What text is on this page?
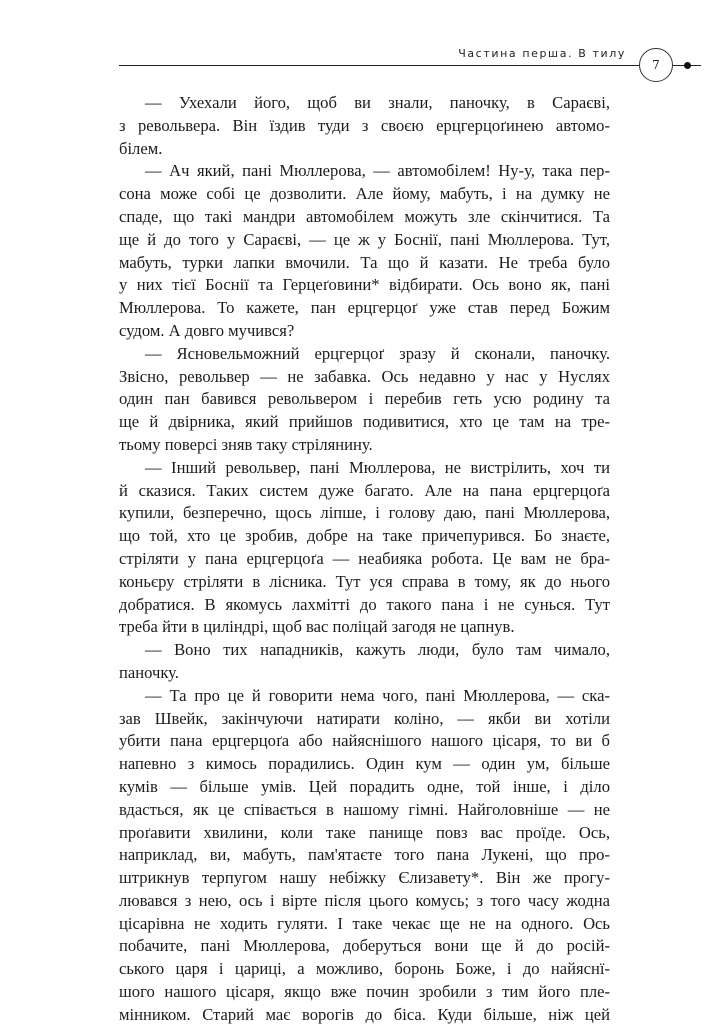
Частина перша. В тилу
7
— Ухехали його, щоб ви знали, паночку, в Сараєві,
з револьвера. Він їздив туди з своєю ерцгерцоґинею автомо-
білем.
— Ач який, пані Мюллерова, — автомобілем! Ну-у, така пер-
сона може собі це дозволити. Але йому, мабуть, і на думку не
спаде, що такі мандри автомобілем можуть зле скінчитися. Та
ще й до того у Сараєві, — це ж у Боснії, пані Мюллерова. Тут,
мабуть, турки лапки вмочили. Та що й казати. Не треба було
у них тієї Боснії та Герцеґовини* відбирати. Ось воно як, пані
Мюллерова. То кажете, пан ерцгерцоґ уже став перед Божим
судом. А довго мучився?
— Ясновельможний ерцгерцоґ зразу й сконали, паночку.
Звісно, револьвер — не забавка. Ось недавно у нас у Нуслях
один пан бавився револьвером і перебив геть усю родину та
ще й двірника, який прийшов подивитися, хто це там на тре-
тьому поверсі зняв таку стрілянину.
— Інший револьвер, пані Мюллерова, не вистрілить, хоч ти
й сказися. Таких систем дуже багато. Але на пана ерцгерцоґа
купили, безперечно, щось ліпше, і голову даю, пані Мюллерова,
що той, хто це зробив, добре на таке причепурився. Бо знаєте,
стріляти у пана ерцгерцоґа — неабияка робота. Це вам не бра-
коньєру стріляти в лісника. Тут уся справа в тому, як до нього
добратися. В якомусь лахмітті до такого пана і не сунься. Тут
треба йти в циліндрі, щоб вас поліцай загодя не цапнув.
— Воно тих нападників, кажуть люди, було там чимало,
паночку.
— Та про це й говорити нема чого, пані Мюллерова, — ска-
зав Швейк, закінчуючи натирати коліно, — якби ви хотіли
убити пана ерцгерцоґа або найяснішого нашого цісаря, то ви б
напевно з кимось порадились. Один кум — один ум, більше
кумів — більше умів. Цей порадить одне, той інше, і діло
вдасться, як це співається в нашому гімні. Найголовніше — не
проґавити хвилини, коли таке панище повз вас проїде. Ось,
наприклад, ви, мабуть, пам'ятаєте того пана Лукені, що про-
штрикнув терпугом нашу небіжку Єлизавету*. Він же прогу-
лювався з нею, ось і вірте після цього комусь; з того часу жодна
цісарівна не ходить гуляти. І таке чекає ще не на одного. Ось
побачите, пані Мюллерова, доберуться вони ще й до росій-
ського царя і цариці, а можливо, боронь Боже, і до найяснї-
шого нашого цісаря, якщо вже почин зробили з тим його пле-
мінником. Старий має ворогів до біса. Куди більше, ніж цей
